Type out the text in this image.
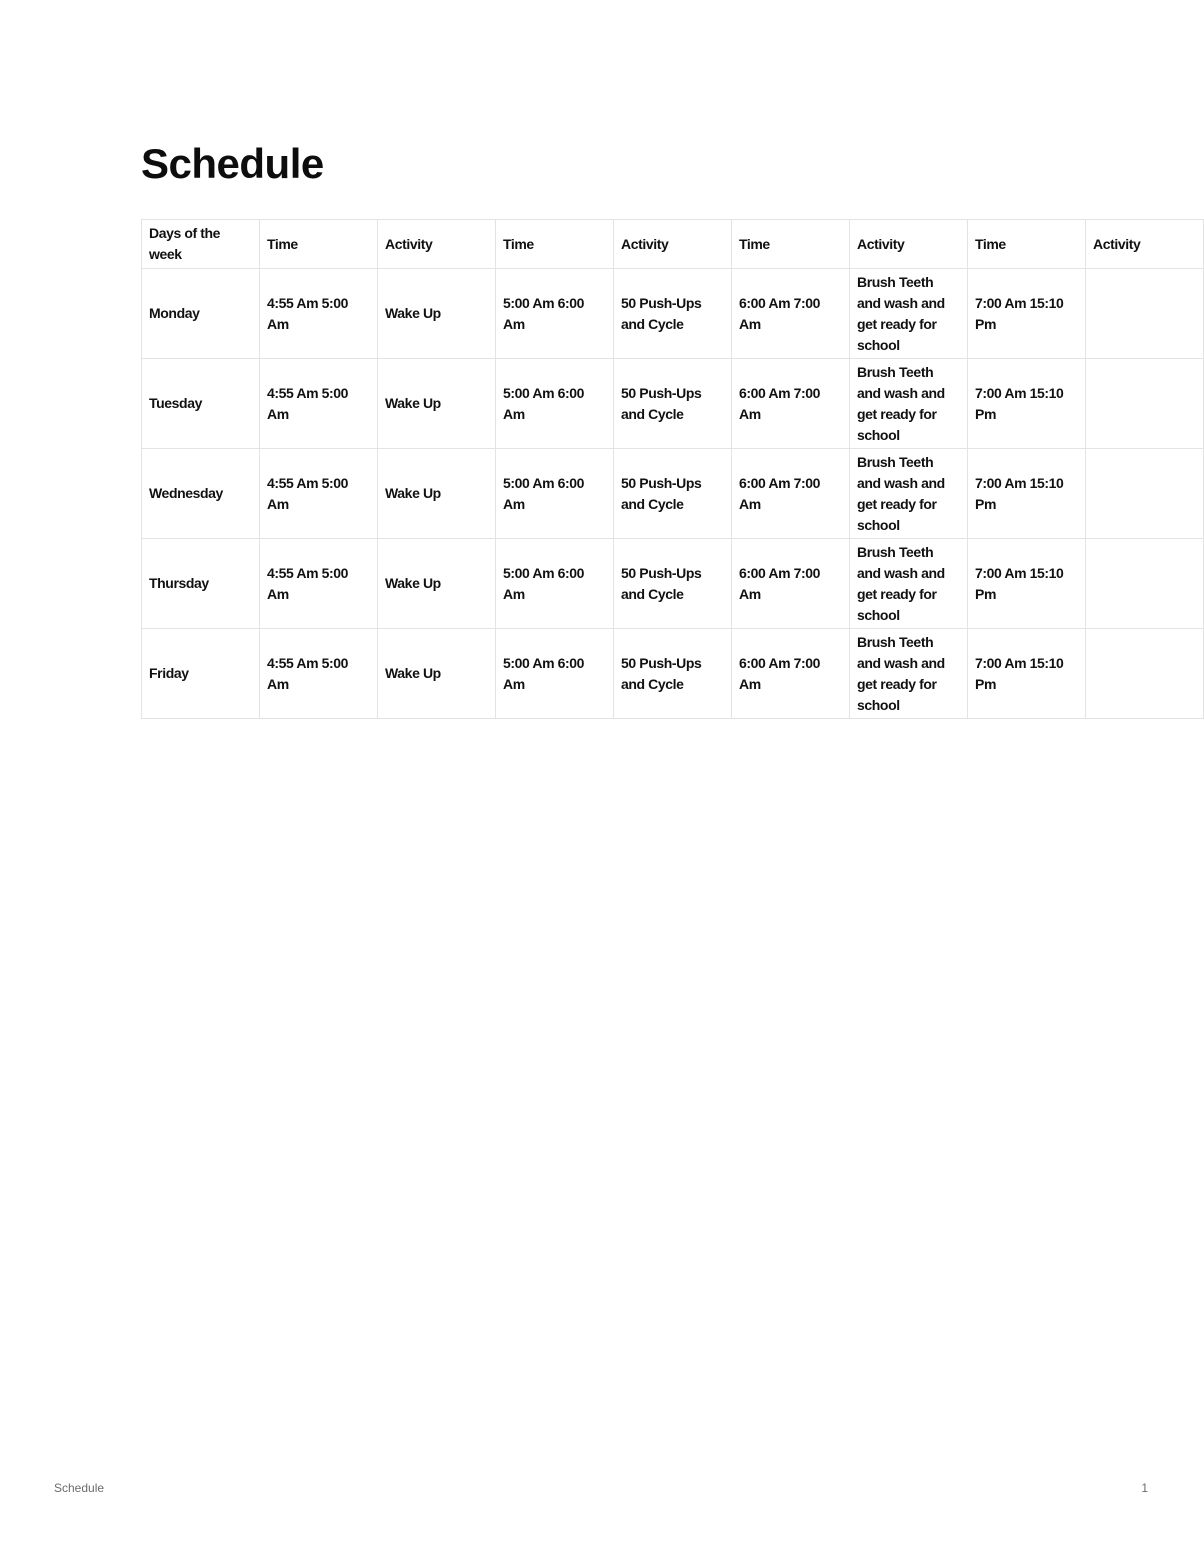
Schedule
Days of the week	Time	Activity	Time	Activity	Time	Activity	Time	Activity
Monday	4:55 Am 5:00 Am	Wake Up	5:00 Am 6:00 Am	50 Push-Ups and Cycle	6:00 Am 7:00 Am	Brush Teeth and wash and get ready for school	7:00 Am 15:10 Pm	
Tuesday	4:55 Am 5:00 Am	Wake Up	5:00 Am 6:00 Am	50 Push-Ups and Cycle	6:00 Am 7:00 Am	Brush Teeth and wash and get ready for school	7:00 Am 15:10 Pm	
Wednesday	4:55 Am 5:00 Am	Wake Up	5:00 Am 6:00 Am	50 Push-Ups and Cycle	6:00 Am 7:00 Am	Brush Teeth and wash and get ready for school	7:00 Am 15:10 Pm	
Thursday	4:55 Am 5:00 Am	Wake Up	5:00 Am 6:00 Am	50 Push-Ups and Cycle	6:00 Am 7:00 Am	Brush Teeth and wash and get ready for school	7:00 Am 15:10 Pm	
Friday	4:55 Am 5:00 Am	Wake Up	5:00 Am 6:00 Am	50 Push-Ups and Cycle	6:00 Am 7:00 Am	Brush Teeth and wash and get ready for school	7:00 Am 15:10 Pm	
Schedule	1
